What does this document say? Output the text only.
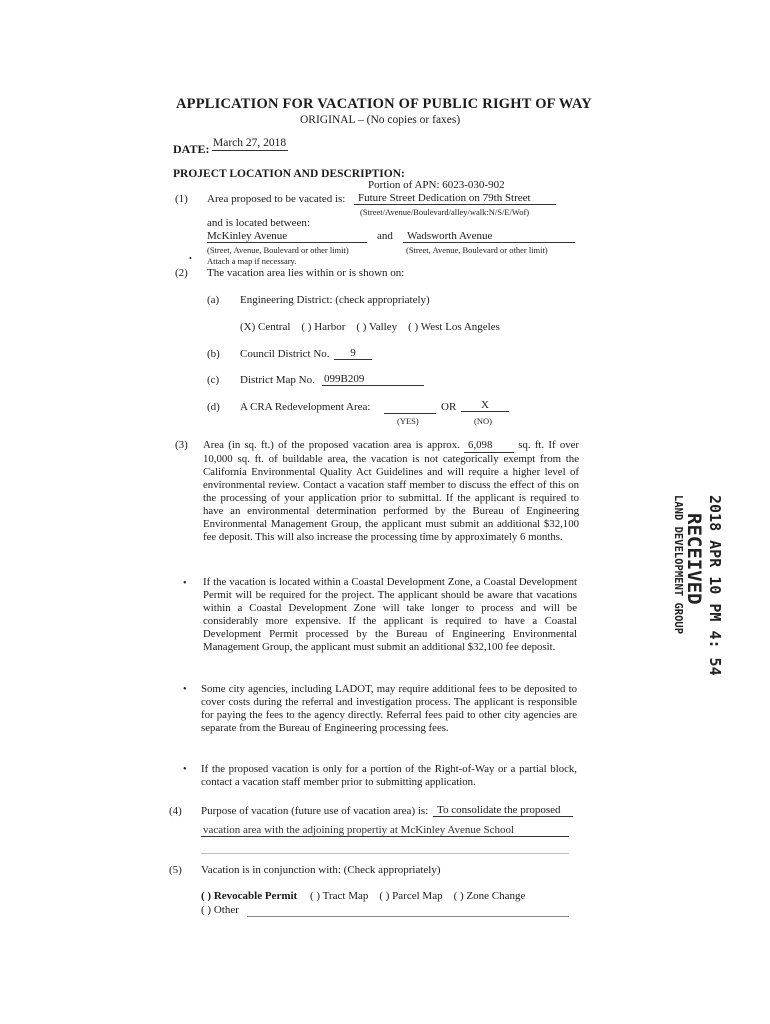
APPLICATION FOR VACATION OF PUBLIC RIGHT OF WAY
ORIGINAL – (No copies or faxes)
DATE: March 27, 2018
PROJECT LOCATION AND DESCRIPTION:
Portion of APN: 6023-030-902
(1) Area proposed to be vacated is:	Future Street Dedication on 79th Street
(Street/Avenue/Boulevard/alley/walk:N/S/E/Wof)
and is located between:
McKinley Avenue	and	Wadsworth Avenue
(Street, Avenue, Boulevard or other limit)	(Street, Avenue, Boulevard or other limit)
• Attach a map if necessary.
(2) The vacation area lies within or is shown on:
(a) Engineering District: (check appropriately)
(X) Central    ( ) Harbor    ( ) Valley    ( ) West Los Angeles
(b) Council District No.	9
(c) District Map No. 099B209
(d) A CRA Redevelopment Area:	OR	X
(YES)	(NO)
(3) Area (in sq. ft.) of the proposed vacation area is approx. 6,098 sq. ft. If over 10,000 sq. ft. of buildable area, the vacation is not categorically exempt from the California Environmental Quality Act Guidelines and will require a higher level of environmental review. Contact a vacation staff member to discuss the effect of this on the processing of your application prior to submittal. If the applicant is required to have an environmental determination performed by the Bureau of Engineering Environmental Management Group, the applicant must submit an additional $32,100 fee deposit. This will also increase the processing time by approximately 6 months.
• If the vacation is located within a Coastal Development Zone, a Coastal Development Permit will be required for the project. The applicant should be aware that vacations within a Coastal Development Zone will take longer to process and will be considerably more expensive. If the applicant is required to have a Coastal Development Permit processed by the Bureau of Engineering Environmental Management Group, the applicant must submit an additional $32,100 fee deposit.
• Some city agencies, including LADOT, may require additional fees to be deposited to cover costs during the referral and investigation process. The applicant is responsible for paying the fees to the agency directly. Referral fees paid to other city agencies are separate from the Bureau of Engineering processing fees.
• If the proposed vacation is only for a portion of the Right-of-Way or a partial block, contact a vacation staff member prior to submitting application.
(4) Purpose of vacation (future use of vacation area) is: To consolidate the proposed
vacation area with the adjoining propertiy at McKinley Avenue School
(5) Vacation is in conjunction with: (Check appropriately)
( ) Revocable Permit ( ) Tract Map    ( ) Parcel Map    ( ) Zone Change
( ) Other
RECEIVED
LAND DEVELOPMENT GROUP 2018 APR 10 PM 4: 54
